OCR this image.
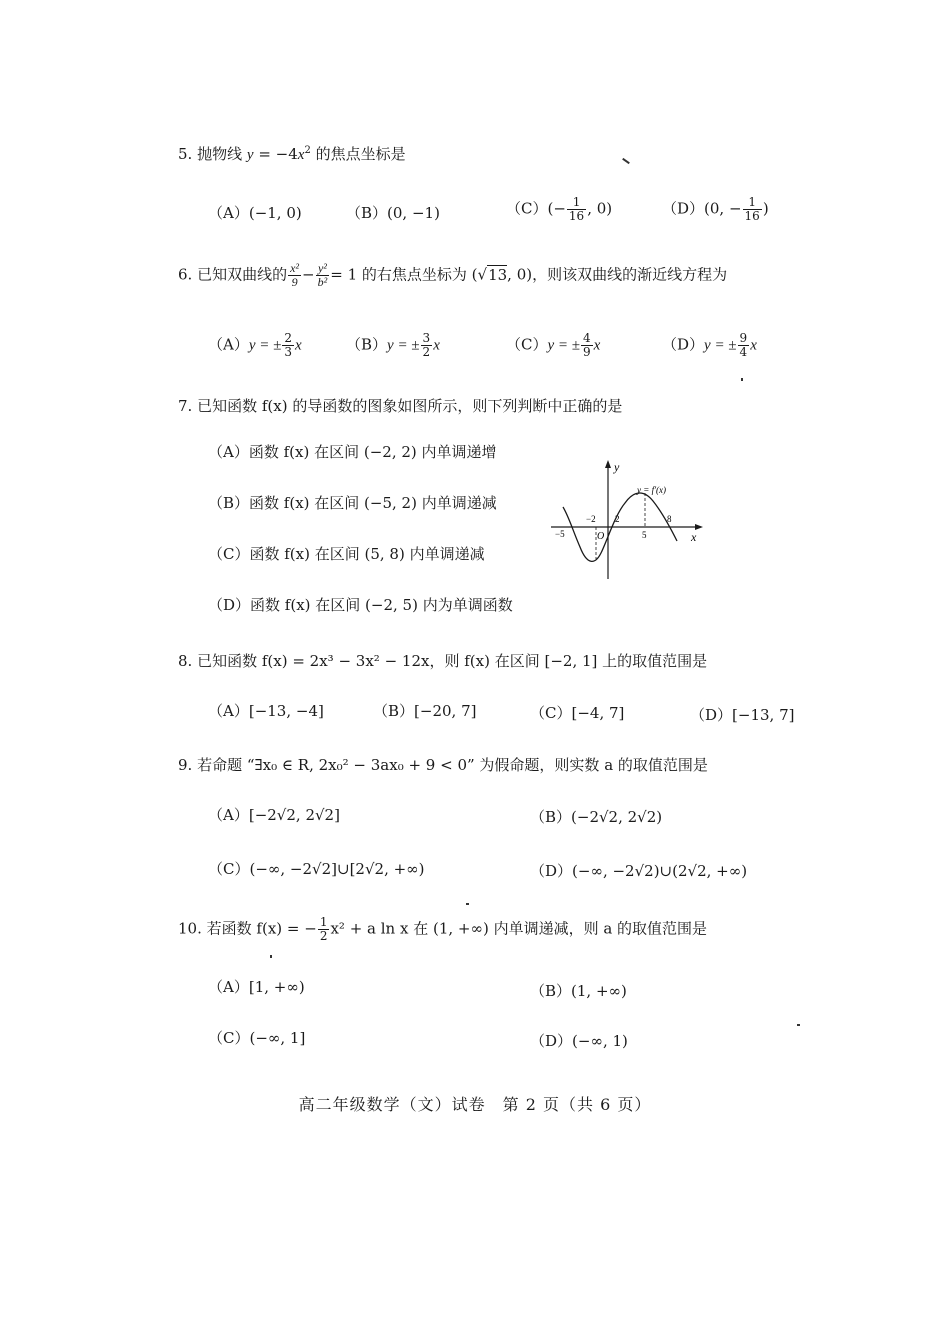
5. 抛物线 $y = -4x^2$ 的焦点坐标是
（A）(−1, 0)	（B）(0, −1)	$(C)(- \frac{1}{16}$ , 0)	（D）(0, − $\frac{1}{16}$ )
6. 已知双曲线的 $\frac{\text{x²}}{9} - \frac{\text{y²}}{\text{b²}} = 1$ 的右焦点坐标为 (√13, 0)，则该双曲线的渐近线方程为
（A）y = ± $\frac{2}{3}$ x	（B）y = ± $\frac{3}{2}$ x	（C）y = ± $\frac{4}{9}$ x	（D）y = ± $\frac{9}{4}$ x
7. 已知函数 f(x) 的导函数的图象如图所示，则下列判断中正确的是
（A）函数 f(x) 在区间 (−2, 2) 内单调递增
（B）函数 f(x) 在区间 (−5, 2) 内单调递减
（C）函数 f(x) 在区间 (5, 8) 内单调递减
（D）函数 f(x) 在区间 (−2, 5) 内为单调函数
y
x
y = f′(x)
O
−5
−2 2
5
8
8. 已知函数 f(x) = 2x³ − 3x² − 12x，则 f(x) 在区间 [−2, 1] 上的取值范围是
（A）[−13, −4]	（B）[−20, 7]	（C）[−4, 7]	（D）[−13, 7]
9. 若命题 “∃x₀ ∈ R, 2x₀² − 3ax₀ + 9 < 0” 为假命题，则实数 a 的取值范围是
（A）[−2√2, 2√2]	（B）(−2√2, 2√2)
（C）(−∞, −2√2]∪[2√2, +∞)	（D）(−∞, −2√2)∪(2√2, +∞)
10. 若函数 f(x) = − $\frac{1}{2} x^2 + a$ ln x 在 (1, +∞) 内单调递减，则 a 的取值范围是
（A）[1, +∞)	（B）(1, +∞)
（C）(−∞, 1]	（D）(−∞, 1)
高二年级数学（文）试卷　第 2 页（共 6 页）
